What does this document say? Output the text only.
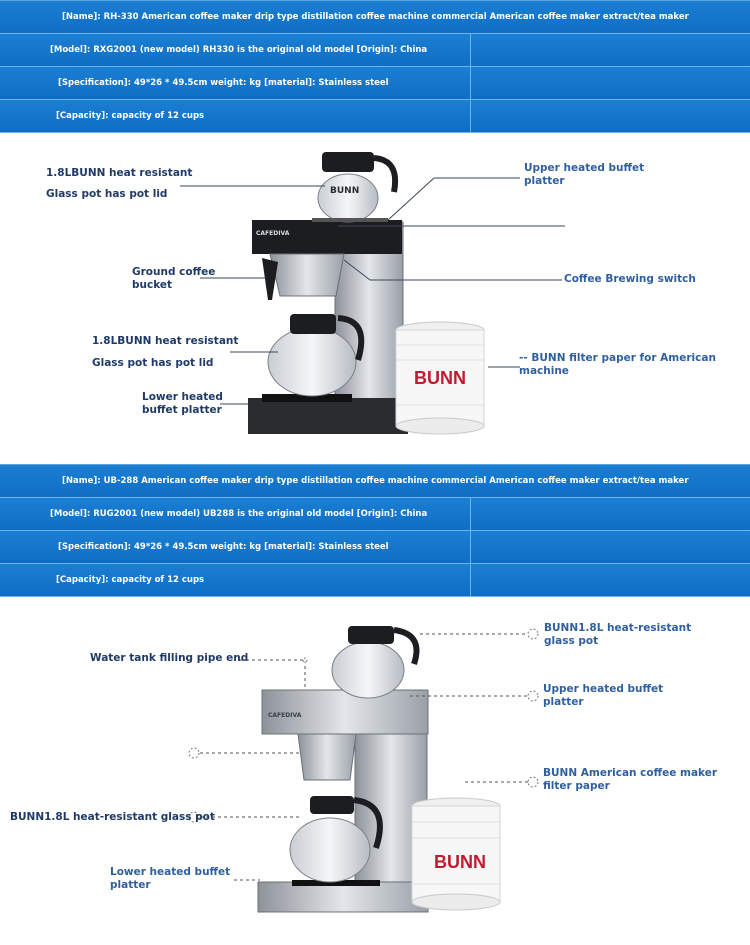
[Name]: RH-330 American coffee maker drip type distillation coffee machine commercial American coffee maker extract/tea maker
[Model]: RXG2001 (new model) RH330 is the original old model [Origin]: China
[Specification]: 49*26 * 49.5cm weight: kg [material]: Stainless steel
[Capacity]: capacity of 12 cups
[Name]: UB-288 American coffee maker drip type distillation coffee machine commercial American coffee maker extract/tea maker
[Model]: RUG2001 (new model) UB288 is the original old model [Origin]: China
[Specification]: 49*26 * 49.5cm weight: kg [material]: Stainless steel
[Capacity]: capacity of 12 cups
CAFEDIVA
BUNN
BUNN
CAFEDIVA
BUNN
1.8LBUNN heat resistant
Glass pot has pot lid
Upper heated buffet platter
Ground coffee bucket	Coffee Brewing switch
1.8LBUNN heat resistant
-- BUNN filter paper for American machine
Glass pot has pot lid
Lower heated buffet platter
BUNN1.8L heat-resistant glass pot
Water tank filling pipe end
Upper heated buffet platter
BUNN American coffee maker filter paper
BUNN1.8L heat-resistant glass pot
Lower heated buffet platter
